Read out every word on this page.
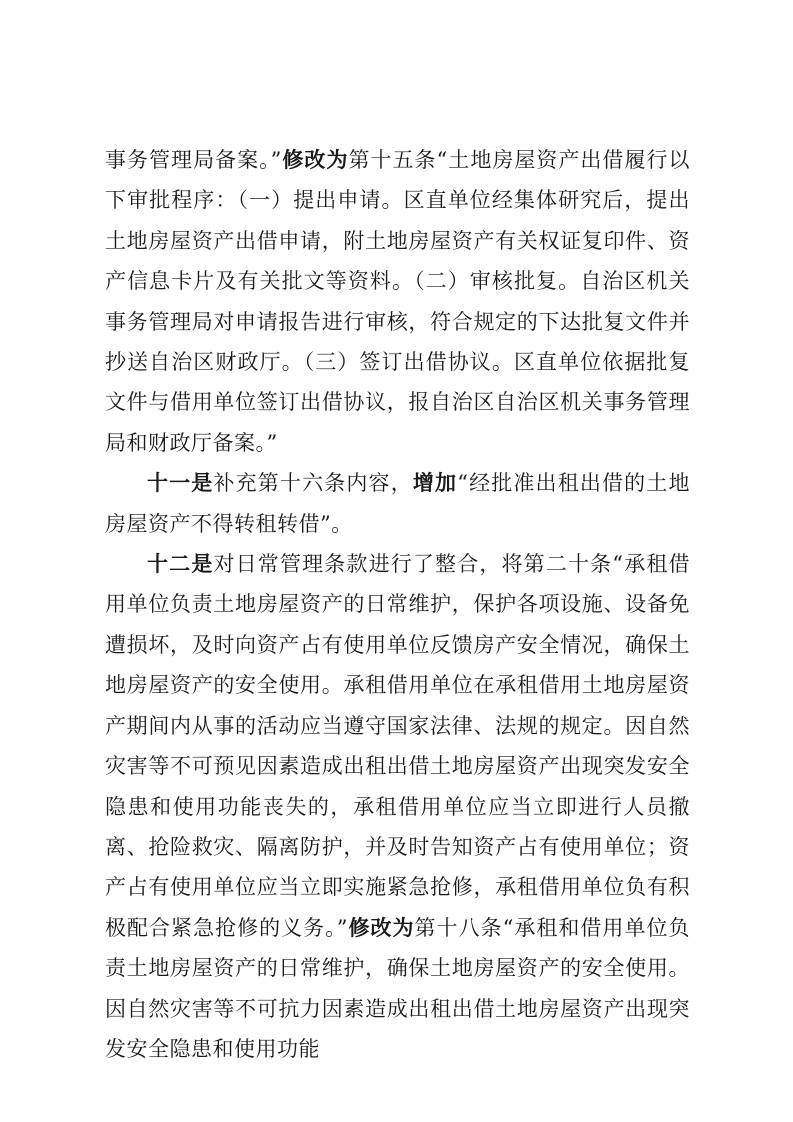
事务管理局备案。”修改为第十五条“土地房屋资产出借履行以下审批程序：（一）提出申请。区直单位经集体研究后，提出土地房屋资产出借申请，附土地房屋资产有关权证复印件、资产信息卡片及有关批文等资料。（二）审核批复。自治区机关事务管理局对申请报告进行审核，符合规定的下达批复文件并抄送自治区财政厅。（三）签订出借协议。区直单位依据批复文件与借用单位签订出借协议，报自治区自治区机关事务管理局和财政厅备案。”

十一是补充第十六条内容，增加“经批准出租出借的土地房屋资产不得转租转借”。

十二是对日常管理条款进行了整合，将第二十条“承租借用单位负责土地房屋资产的日常维护，保护各项设施、设备免遭损坏，及时向资产占有使用单位反馈房产安全情况，确保土地房屋资产的安全使用。承租借用单位在承租借用土地房屋资产期间内从事的活动应当遵守国家法律、法规的规定。因自然灾害等不可预见因素造成出租出借土地房屋资产出现突发安全隐患和使用功能丧失的，承租借用单位应当立即进行人员撤离、抢险救灾、隔离防护，并及时告知资产占有使用单位；资产占有使用单位应当立即实施紧急抢修，承租借用单位负有积极配合紧急抢修的义务。”修改为第十八条“承租和借用单位负责土地房屋资产的日常维护，确保土地房屋资产的安全使用。因自然灾害等不可抗力因素造成出租出借土地房屋资产出现突发安全隐患和使用功能
